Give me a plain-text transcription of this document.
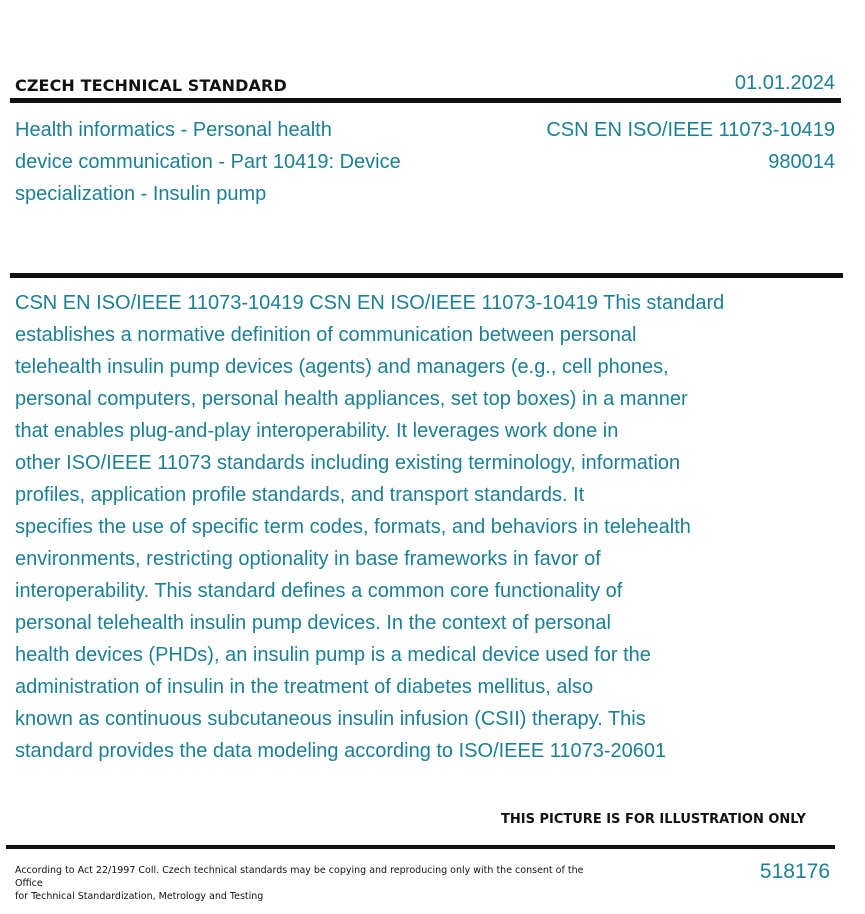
CZECH TECHNICAL STANDARD	01.01.2024
Health informatics - Personal health
device communication - Part 10419: Device
specialization - Insulin pump
CSN EN ISO/IEEE 11073-10419
980014
CSN EN ISO/IEEE 11073-10419 CSN EN ISO/IEEE 11073-10419 This standard
establishes a normative definition of communication between personal
telehealth insulin pump devices (agents) and managers (e.g., cell phones,
personal computers, personal health appliances, set top boxes) in a manner
that enables plug-and-play interoperability. It leverages work done in
other ISO/IEEE 11073 standards including existing terminology, information
profiles, application profile standards, and transport standards. It
specifies the use of specific term codes, formats, and behaviors in telehealth
environments, restricting optionality in base frameworks in favor of
interoperability. This standard defines a common core functionality of
personal telehealth insulin pump devices. In the context of personal
health devices (PHDs), an insulin pump is a medical device used for the
administration of insulin in the treatment of diabetes mellitus, also
known as continuous subcutaneous insulin infusion (CSII) therapy. This
standard provides the data modeling according to ISO/IEEE 11073-20601
THIS PICTURE IS FOR ILLUSTRATION ONLY
According to Act 22/1997 Coll. Czech technical standards may be copying and reproducing only with the consent of the Office
for Technical Standardization, Metrology and Testing
518176
